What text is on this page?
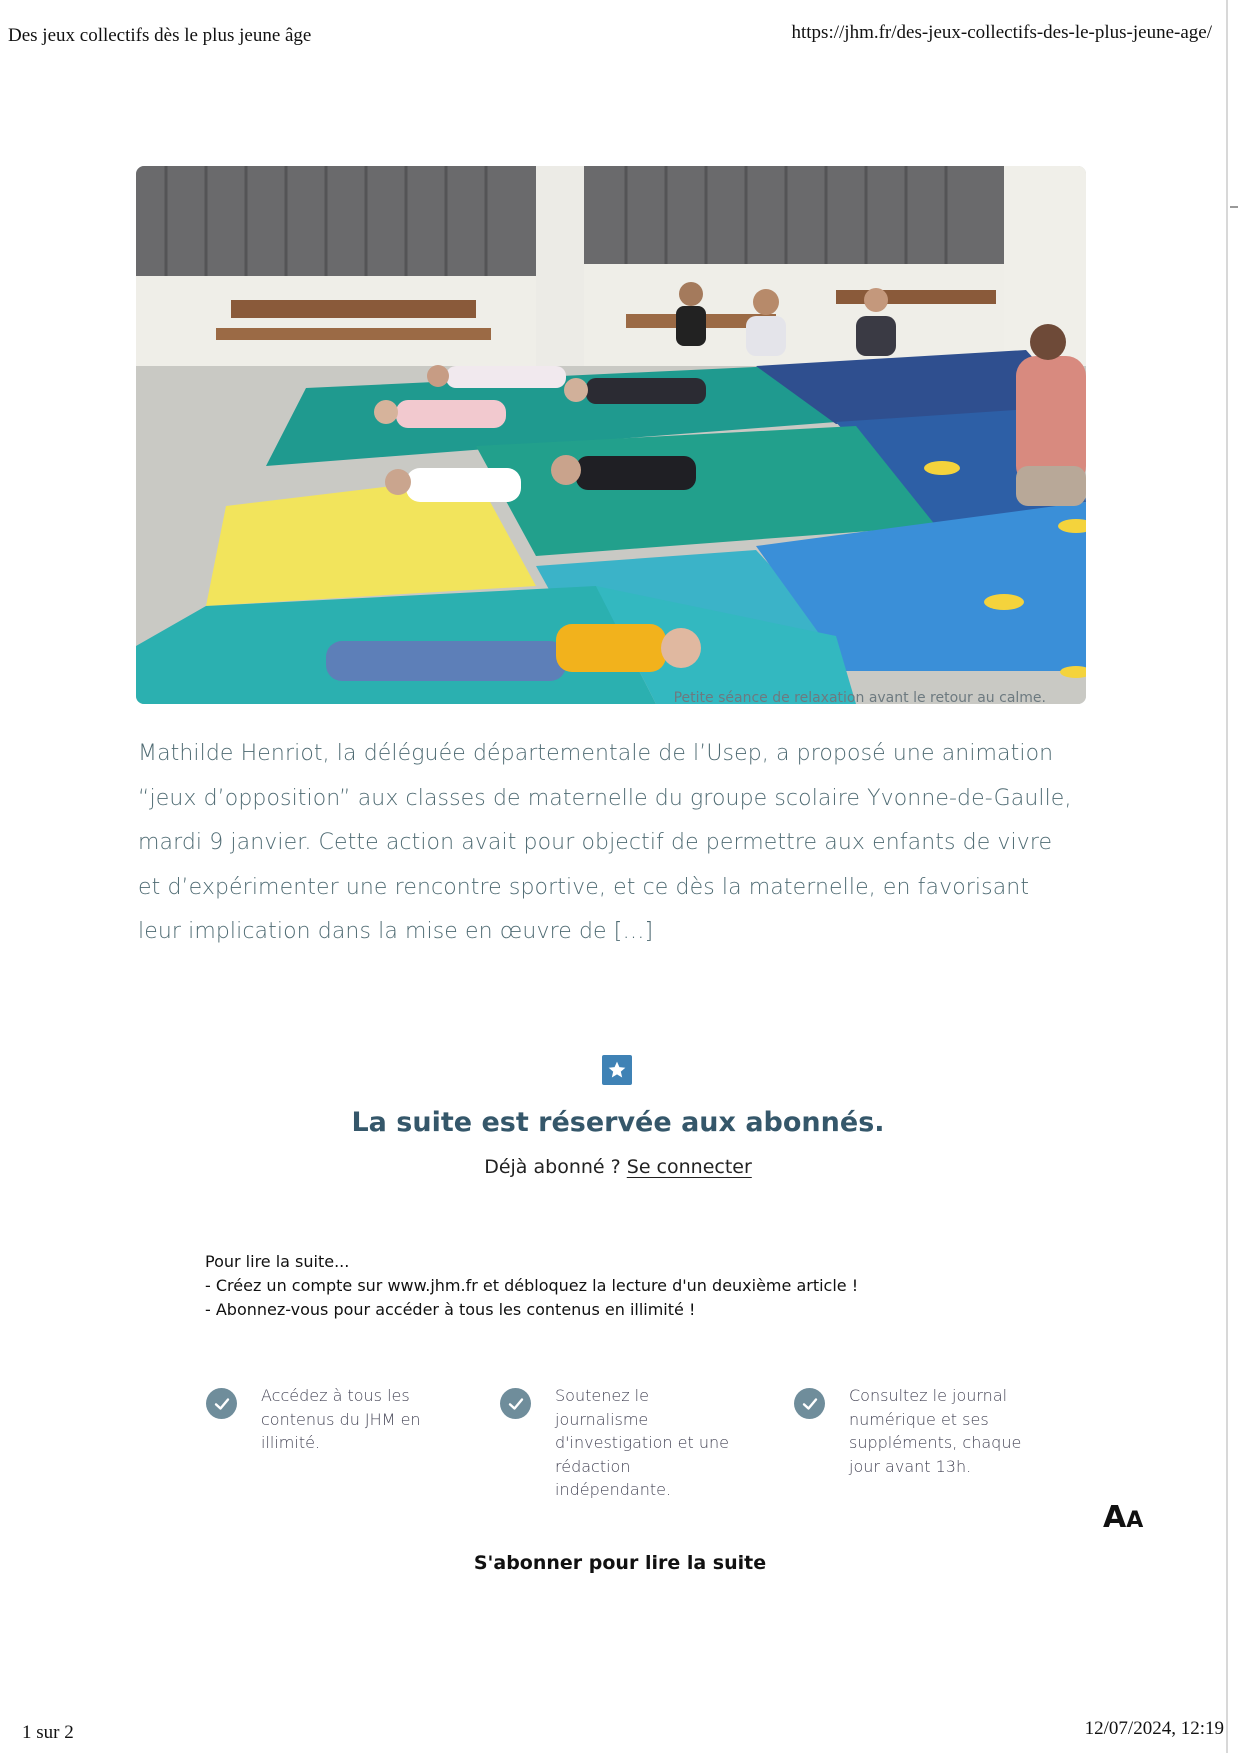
Des jeux collectifs dès le plus jeune âge	https://jhm.fr/des-jeux-collectifs-des-le-plus-jeune-age/
Petite séance de relaxation avant le retour au calme.
Mathilde Henriot, la déléguée départementale de l’Usep, a proposé une animation “jeux d’opposition” aux classes de maternelle du groupe scolaire Yvonne-de-Gaulle, mardi 9 janvier. Cette action avait pour objectif de permettre aux enfants de vivre et d’expérimenter une rencontre sportive, et ce dès la maternelle, en favorisant leur implication dans la mise en œuvre de […]
La suite est réservée aux abonnés.
Déjà abonné ? Se connecter
Pour lire la suite...
- Créez un compte sur www.jhm.fr et débloquez la lecture d'un deuxième article !
- Abonnez-vous pour accéder à tous les contenus en illimité !
Accédez à tous les contenus du JHM en illimité.
Soutenez le journalisme d'investigation et une rédaction indépendante.
Consultez le journal numérique et ses suppléments, chaque jour avant 13h.
AA
S'abonner pour lire la suite
1 sur 2	12/07/2024, 12:19
